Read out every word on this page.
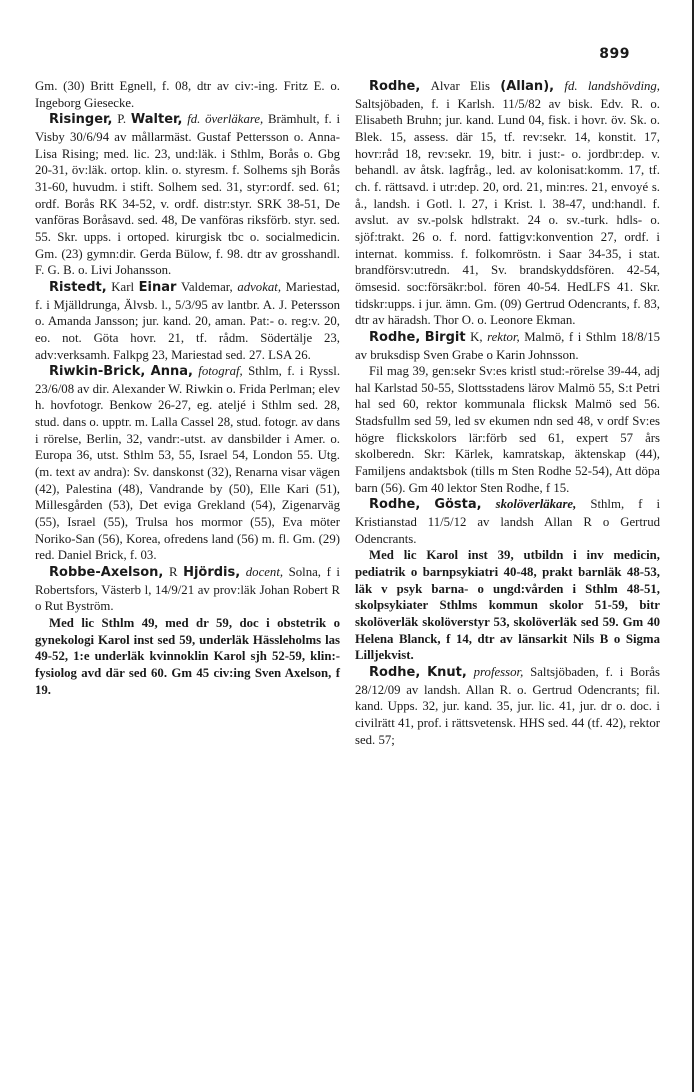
899

Gm. (30) Britt Egnell, f. 08, dtr av civ:-ing. Fritz E. o. Ingeborg Giesecke.

Risinger, P. Walter, fd. överläkare, Brämhult, f. i Visby 30/6/94 av mållarmäst. Gustaf Pettersson o. Anna-Lisa Rising; med. lic. 23, und:läk. i Sthlm, Borås o. Gbg 20-31, öv:läk. ortop. klin. o. styresm. f. Solhems sjh Borås 31-60, huvudm. i stift. Solhem sed. 31, styr:ordf. sed. 61; ordf. Borås RK 34-52, v. ordf. distr:styr. SRK 38-51, De vanföras Boråsavd. sed. 48, De vanföras riksförb. styr. sed. 55. Skr. upps. i ortoped. kirurgisk tbc o. socialmedicin. Gm. (23) gymn:dir. Gerda Bülow, f. 98. dtr av grosshandl. F. G. B. o. Livi Johansson.

Ristedt, Karl Einar Valdemar, advokat, Mariestad, f. i Mjälldrunga, Älvsb. l., 5/3/95 av lantbr. A. J. Petersson o. Amanda Jansson; jur. kand. 20, aman. Pat:- o. reg:v. 20, eo. not. Göta hovr. 21, tf. rådm. Södertälje 23, adv:verksamh. Falkpg 23, Mariestad sed. 27. LSA 26.

Riwkin-Brick, Anna, fotograf, Sthlm, f. i Ryssl. 23/6/08 av dir. Alexander W. Riwkin o. Frida Perlman; elev h. hovfotogr. Benkow 26-27, eg. ateljé i Sthlm sed. 28, stud. dans o. upptr. m. Lalla Cassel 28, stud. fotogr. av dans i rörelse, Berlin, 32, vandr:-utst. av dansbilder i Amer. o. Europa 36, utst. Sthlm 53, 55, Israel 54, London 55. Utg. (m. text av andra): Sv. danskonst (32), Renarna visar vägen (42), Palestina (48), Vandrande by (50), Elle Kari (51), Millesgården (53), Det eviga Grekland (54), Zigenarväg (55), Israel (55), Trulsa hos mormor (55), Eva möter Noriko-San (56), Korea, ofredens land (56) m. fl. Gm. (29) red. Daniel Brick, f. 03.

Robbe-Axelson, R Hjördis, docent, Solna, f i Robertsfors, Västerb l, 14/9/21 av prov:läk Johan Robert R o Rut Byström.
Med lic Sthlm 49, med dr 59, doc i obstetrik o gynekologi Karol inst sed 59, underläk Hässleholms las 49-52, 1:e underläk kvinnoklin Karol sjh 52-59, klin:-fysiolog avd där sed 60. Gm 45 civ:ing Sven Axelson, f 19.

Rodhe, Alvar Elis (Allan), fd. landshövding, Saltsjöbaden, f. i Karlsh. 11/5/82 av bisk. Edv. R. o. Elisabeth Bruhn; jur. kand. Lund 04, fisk. i hovr. öv. Sk. o. Blek. 15, assess. där 15, tf. rev:sekr. 14, konstit. 17, hovr:råd 18, rev:sekr. 19, bitr. i just:- o. jordbr:dep. v. behandl. av åtsk. lagfråg., led. av kolonisat:komm. 17, tf. ch. f. rättsavd. i utr:dep. 20, ord. 21, min:res. 21, envoyé s. å., landsh. i Gotl. l. 27, i Krist. l. 38-47, und:handl. f. avslut. av sv.-polsk hdlstrakt. 24 o. sv.-turk. hdls- o. sjöf:trakt. 26 o. f. nord. fattigv:konvention 27, ordf. i internat. kommiss. f. folkomröstn. i Saar 34-35, i stat. brandförsv:utredn. 41, Sv. brandskyddsfören. 42-54, ömsesid. soc:försäkr:bol. fören 40-54. HedLFS 41. Skr. tidskr:upps. i jur. ämn. Gm. (09) Gertrud Odencrants, f. 83, dtr av häradsh. Thor O. o. Leonore Ekman.

Rodhe, Birgit K, rektor, Malmö, f i Sthlm 18/8/15 av bruksdisp Sven Grabe o Karin Johnsson.
Fil mag 39, gen:sekr Sv:es kristl stud:-rörelse 39-44, adj hal Karlstad 50-55, Slottsstadens lärov Malmö 55, S:t Petri hal sed 60, rektor kommunala flicksk Malmö sed 56. Stadsfullm sed 59, led sv ekumen ndn sed 48, v ordf Sv:es högre flickskolors lär:förb sed 61, expert 57 års skolberedn. Skr: Kärlek, kamratskap, äktenskap (44), Familjens andaktsbok (tills m Sten Rodhe 52-54), Att döpa barn (56). Gm 40 lektor Sten Rodhe, f 15.

Rodhe, Gösta, skolöverläkare, Sthlm, f i Kristianstad 11/5/12 av landsh Allan R o Gertrud Odencrants.
Med lic Karol inst 39, utbildn i inv medicin, pediatrik o barnpsykiatri 40-48, prakt barnläk 48-53, läk v psyk barna- o ungd:vården i Sthlm 48-51, skolpsykiater Sthlms kommun skolor 51-59, bitr skolöverläk skolöverstyr 53, skolöverläk sed 59. Gm 40 Helena Blanck, f 14, dtr av länsarkit Nils B o Sigma Lilljekvist.

Rodhe, Knut, professor, Saltsjöbaden, f. i Borås 28/12/09 av landsh. Allan R. o. Gertrud Odencrants; fil. kand. Upps. 32, jur. kand. 35, jur. lic. 41, jur. dr o. doc. i civilrätt 41, prof. i rättsvetensk. HHS sed. 44 (tf. 42), rektor sed. 57;
